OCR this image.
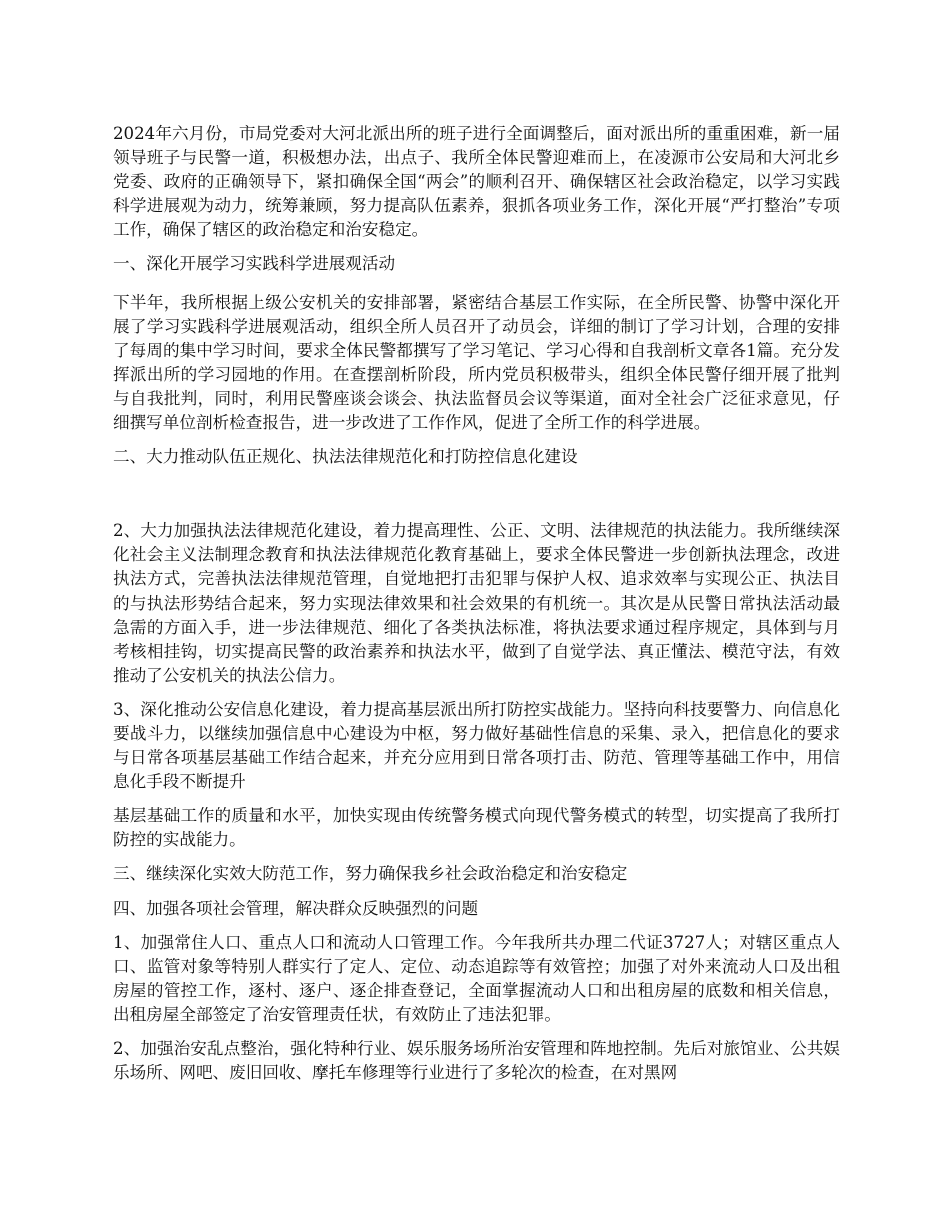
2024年六月份，市局党委对大河北派出所的班子进行全面调整后，面对派出所的重重困难，新一届领导班子与民警一道，积极想办法，出点子、我所全体民警迎难而上，在凌源市公安局和大河北乡党委、政府的正确领导下，紧扣确保全国“两会”的顺利召开、确保辖区社会政治稳定，以学习实践科学进展观为动力，统筹兼顾，努力提高队伍素养，狠抓各项业务工作，深化开展“严打整治”专项工作，确保了辖区的政治稳定和治安稳定。

一、深化开展学习实践科学进展观活动

下半年，我所根据上级公安机关的安排部署，紧密结合基层工作实际，在全所民警、协警中深化开展了学习实践科学进展观活动，组织全所人员召开了动员会，详细的制订了学习计划，合理的安排了每周的集中学习时间，要求全体民警都撰写了学习笔记、学习心得和自我剖析文章各1篇。充分发挥派出所的学习园地的作用。在查摆剖析阶段，所内党员积极带头，组织全体民警仔细开展了批判与自我批判，同时，利用民警座谈会谈会、执法监督员会议等渠道，面对全社会广泛征求意见，仔细撰写单位剖析检查报告，进一步改进了工作作风，促进了全所工作的科学进展。

二、大力推动队伍正规化、执法法律规范化和打防控信息化建设

2、大力加强执法法律规范化建设，着力提高理性、公正、文明、法律规范的执法能力。我所继续深化社会主义法制理念教育和执法法律规范化教育基础上，要求全体民警进一步创新执法理念，改进执法方式，完善执法法律规范管理，自觉地把打击犯罪与保护人权、追求效率与实现公正、执法目的与执法形势结合起来，努力实现法律效果和社会效果的有机统一。其次是从民警日常执法活动最急需的方面入手，进一步法律规范、细化了各类执法标准，将执法要求通过程序规定，具体到与月考核相挂钩，切实提高民警的政治素养和执法水平，做到了自觉学法、真正懂法、模范守法，有效推动了公安机关的执法公信力。

3、深化推动公安信息化建设，着力提高基层派出所打防控实战能力。坚持向科技要警力、向信息化要战斗力，以继续加强信息中心建设为中枢，努力做好基础性信息的采集、录入，把信息化的要求与日常各项基层基础工作结合起来，并充分应用到日常各项打击、防范、管理等基础工作中，用信息化手段不断提升

基层基础工作的质量和水平，加快实现由传统警务模式向现代警务模式的转型，切实提高了我所打防控的实战能力。

三、继续深化实效大防范工作，努力确保我乡社会政治稳定和治安稳定

四、加强各项社会管理，解决群众反映强烈的问题

1、加强常住人口、重点人口和流动人口管理工作。今年我所共办理二代证3727人；对辖区重点人口、监管对象等特别人群实行了定人、定位、动态追踪等有效管控；加强了对外来流动人口及出租房屋的管控工作，逐村、逐户、逐企排查登记，全面掌握流动人口和出租房屋的底数和相关信息，出租房屋全部签定了治安管理责任状，有效防止了违法犯罪。

2、加强治安乱点整治，强化特种行业、娱乐服务场所治安管理和阵地控制。先后对旅馆业、公共娱乐场所、网吧、废旧回收、摩托车修理等行业进行了多轮次的检查，在对黑网
